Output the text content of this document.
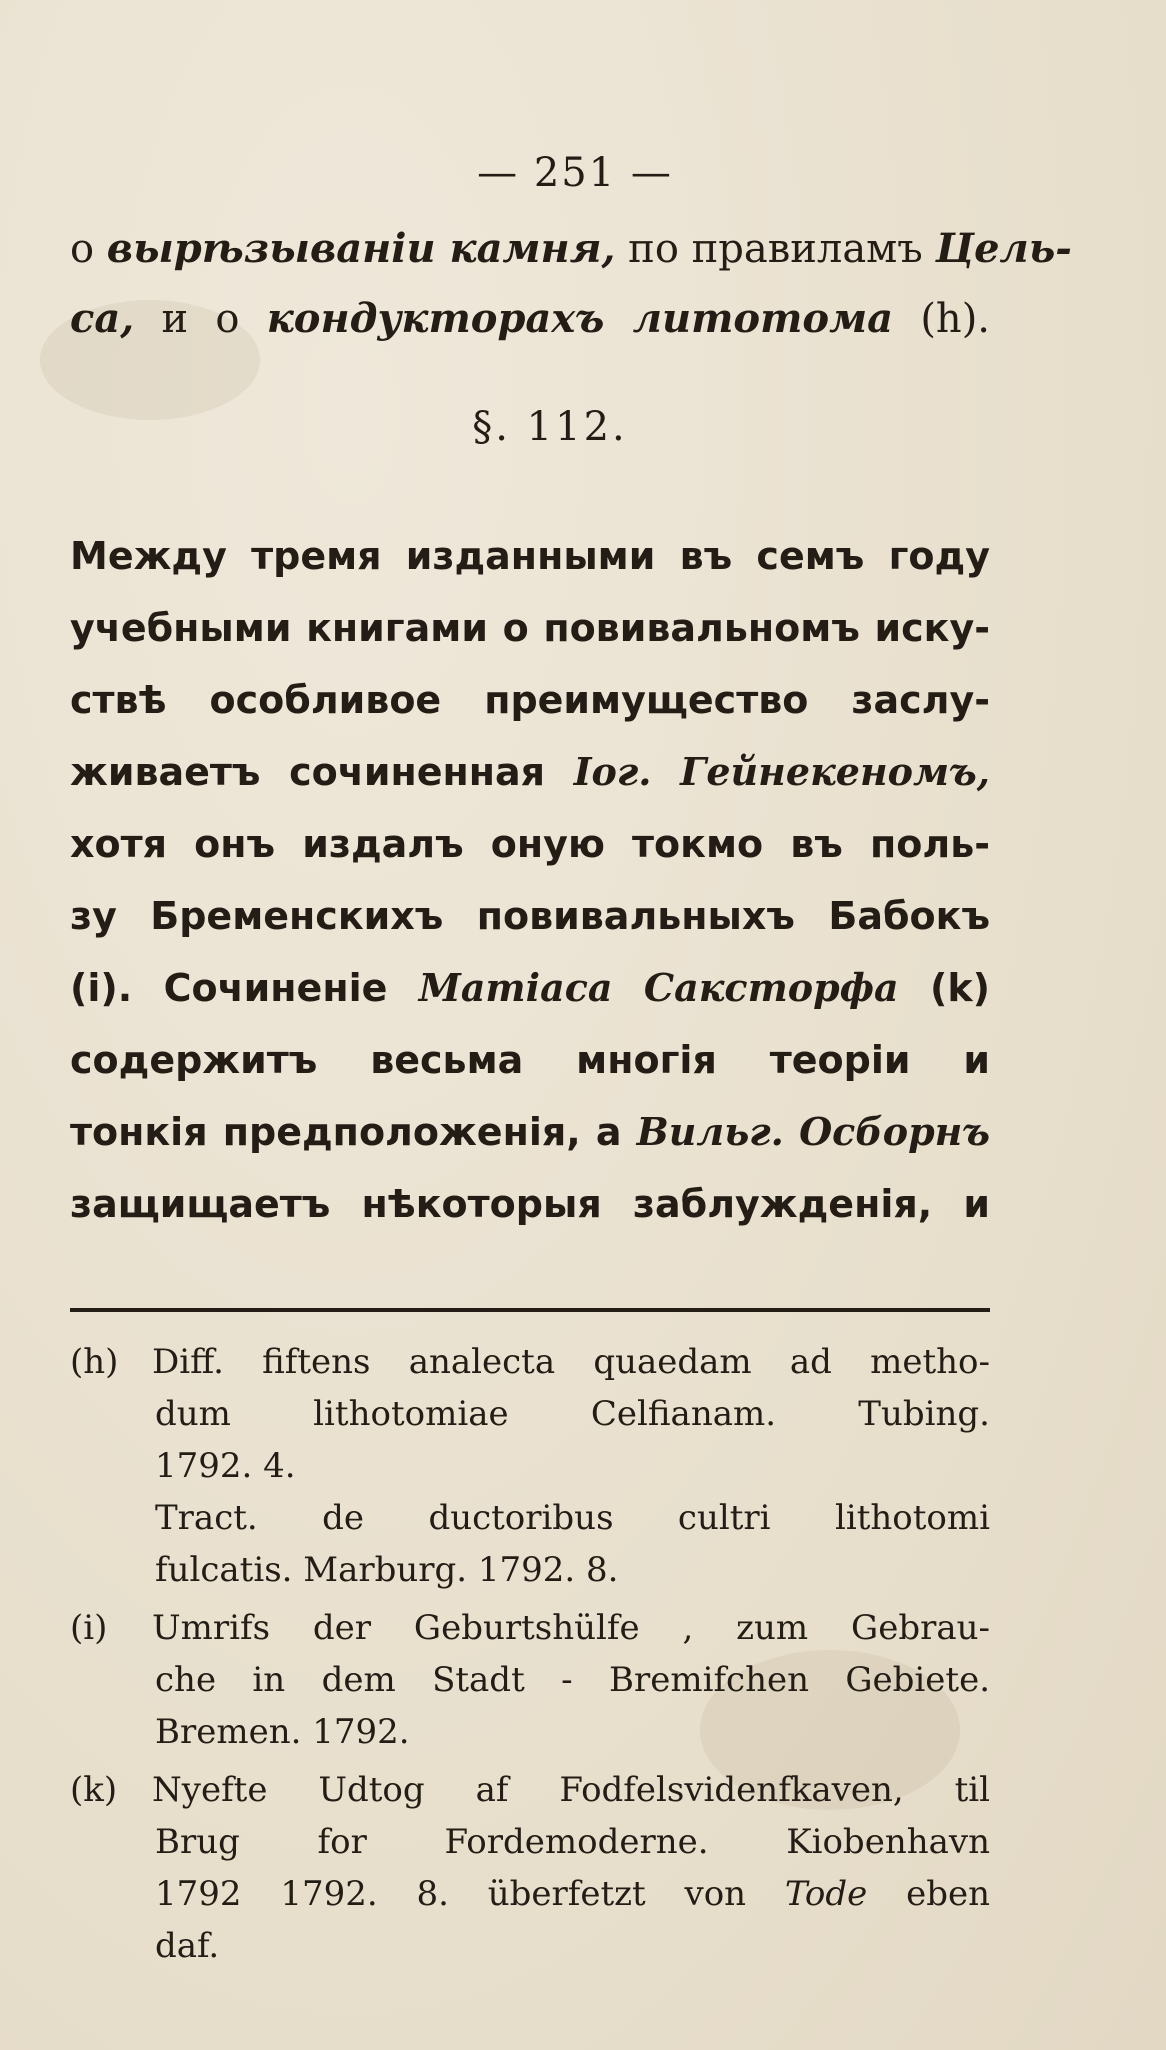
— 251 —
о вырѣзываніи камня, по правиламъ Цель-
са, и о кондукторахъ литотома (h).
§. 112.
Между тремя изданными въ семъ году
учебными книгами о повивальномъ иску-
ствѣ особливое преимущество заслу-
живаетъ сочиненная Іог. Гейнекеномъ,
хотя онъ издалъ оную токмо въ поль-
зу Бременскихъ повивальныхъ Бабокъ
(i). Сочиненіе Матіаса Сaксторфа (k)
содержитъ весьма многія теоріи и
тонкія предположенія, а Вильг. Осборнъ
защищаетъ нѣкоторыя заблужденія, и
(h) Diff. fiftens analecta quaedam ad metho-
dum lithotomiae Celfianam. Tubing.
1792. 4.
Tract. de ductoribus cultri lithotomi
fulcatis. Marburg. 1792. 8.
(i) Umrifs der Geburtshülfe , zum Gebrau-
che in dem Stadt - Bremifchen Gebiete.
Bremen. 1792.
(k) Nyefte Udtog af Fodfelsvidenfkaven, til
Brug for Fordemoderne. Kiobenhavn
1792 1792. 8. überfetzt von Tode eben
daf.
